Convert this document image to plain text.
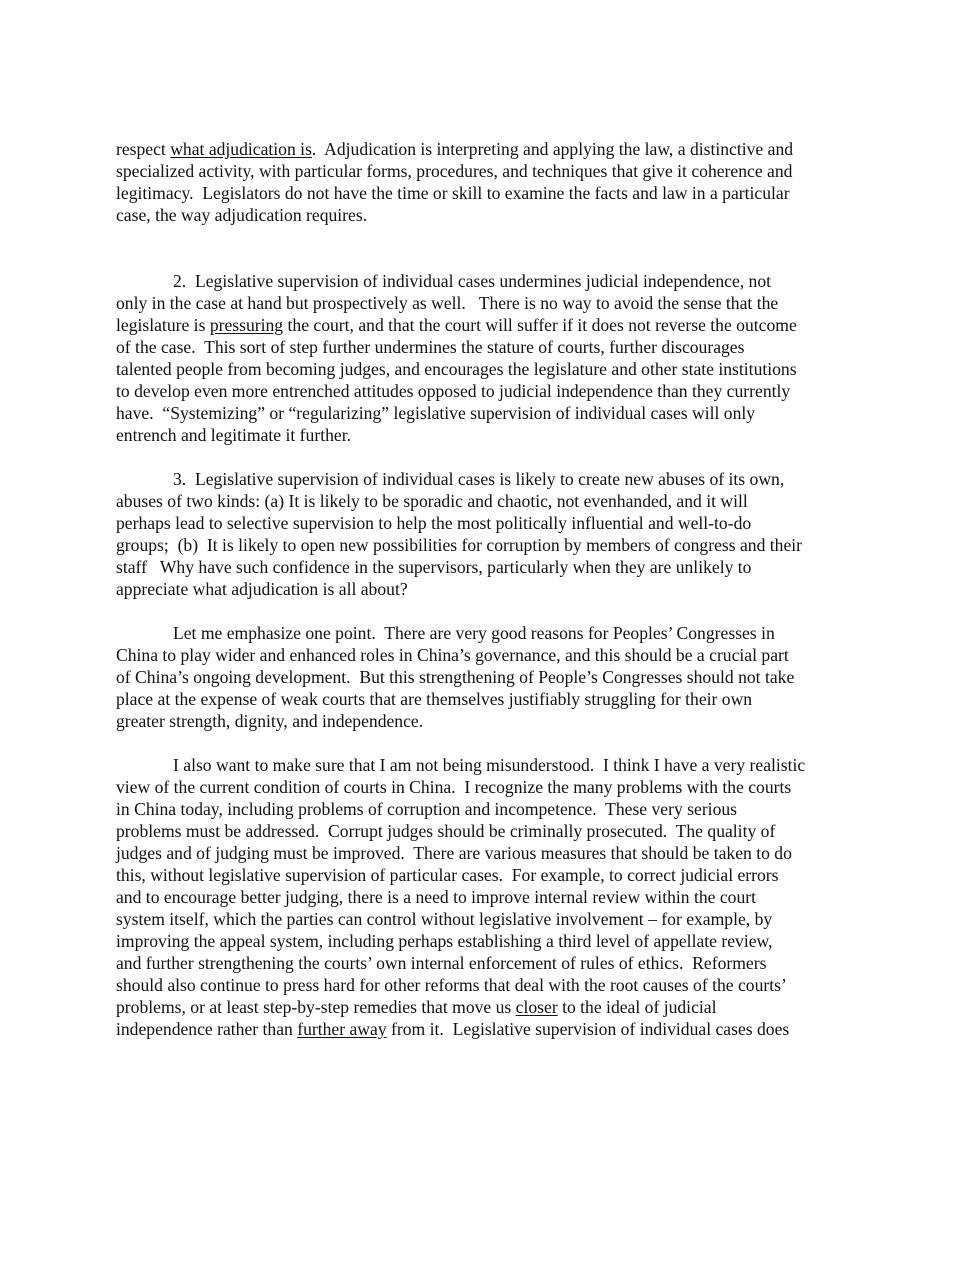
respect what adjudication is.  Adjudication is interpreting and applying the law, a distinctive and
specialized activity, with particular forms, procedures, and techniques that give it coherence and
legitimacy.  Legislators do not have the time or skill to examine the facts and law in a particular
case, the way adjudication requires.
2.  Legislative supervision of individual cases undermines judicial independence, not
only in the case at hand but prospectively as well.   There is no way to avoid the sense that the
legislature is pressuring the court, and that the court will suffer if it does not reverse the outcome
of the case.  This sort of step further undermines the stature of courts, further discourages
talented people from becoming judges, and encourages the legislature and other state institutions
to develop even more entrenched attitudes opposed to judicial independence than they currently
have.  “Systemizing” or “regularizing” legislative supervision of individual cases will only
entrench and legitimate it further.
3.  Legislative supervision of individual cases is likely to create new abuses of its own,
abuses of two kinds: (a) It is likely to be sporadic and chaotic, not evenhanded, and it will
perhaps lead to selective supervision to help the most politically influential and well-to-do
groups;  (b)  It is likely to open new possibilities for corruption by members of congress and their
staff   Why have such confidence in the supervisors, particularly when they are unlikely to
appreciate what adjudication is all about?
Let me emphasize one point.  There are very good reasons for Peoples’ Congresses in
China to play wider and enhanced roles in China’s governance, and this should be a crucial part
of China’s ongoing development.  But this strengthening of People’s Congresses should not take
place at the expense of weak courts that are themselves justifiably struggling for their own
greater strength, dignity, and independence.
I also want to make sure that I am not being misunderstood.  I think I have a very realistic
view of the current condition of courts in China.  I recognize the many problems with the courts
in China today, including problems of corruption and incompetence.  These very serious
problems must be addressed.  Corrupt judges should be criminally prosecuted.  The quality of
judges and of judging must be improved.  There are various measures that should be taken to do
this, without legislative supervision of particular cases.  For example, to correct judicial errors
and to encourage better judging, there is a need to improve internal review within the court
system itself, which the parties can control without legislative involvement – for example, by
improving the appeal system, including perhaps establishing a third level of appellate review,
and further strengthening the courts’ own internal enforcement of rules of ethics.  Reformers
should also continue to press hard for other reforms that deal with the root causes of the courts’
problems, or at least step-by-step remedies that move us closer to the ideal of judicial
independence rather than further away from it.  Legislative supervision of individual cases does
